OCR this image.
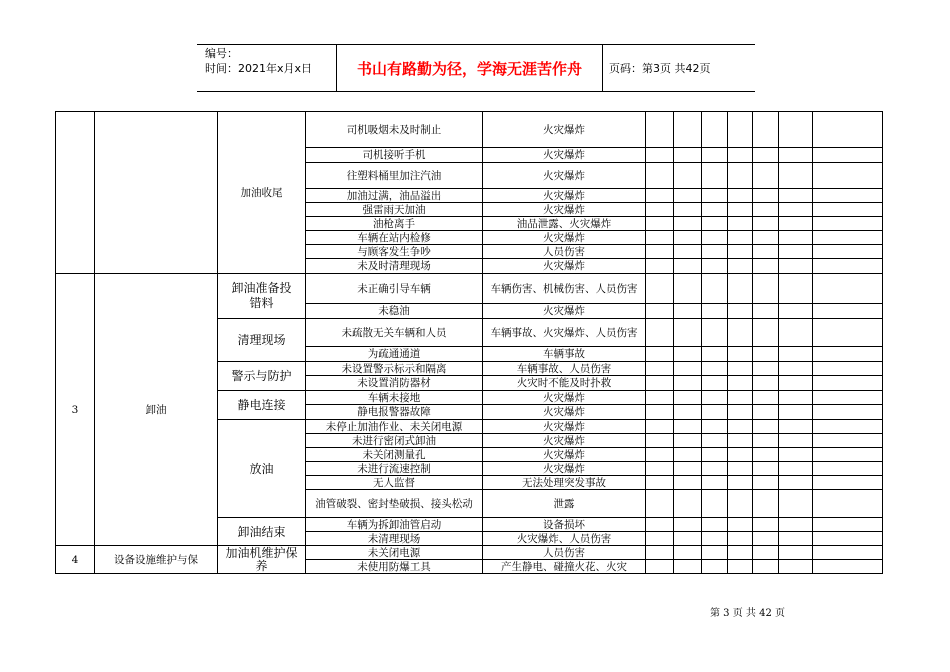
编号：
时间：2021年x月x日	书山有路勤为径，学海无涯苦作舟	页码：第3页 共42页
		加油收尾	司机吸烟未及时制止	火灾爆炸							
			司机接听手机	火灾爆炸							
			往塑料桶里加注汽油	火灾爆炸							
			加油过满，油品溢出	火灾爆炸							
			强雷雨天加油	火灾爆炸							
			油枪离手	油品泄露、火灾爆炸							
			车辆在站内检修	火灾爆炸							
			与顾客发生争吵	人员伤害							
			未及时清理现场	火灾爆炸							
3	卸油	卸油准备投错料	未正确引导车辆	车辆伤害、机械伤害、人员伤害							
			未稳油	火灾爆炸							
		清理现场	未疏散无关车辆和人员	车辆事故、火灾爆炸、人员伤害							
			为疏通通道	车辆事故							
		警示与防护	未设置警示标示和隔离	车辆事故、人员伤害							
			未设置消防器材	火灾时不能及时扑救							
		静电连接	车辆未接地	火灾爆炸							
			静电报警器故障	火灾爆炸							
		放油	未停止加油作业、未关闭电源	火灾爆炸							
			未进行密闭式卸油	火灾爆炸							
			未关闭测量孔	火灾爆炸							
			未进行流速控制	火灾爆炸							
			无人监督	无法处理突发事故							
			油管破裂、密封垫破损、接头松动	泄露							
		卸油结束	车辆为拆卸油管启动	设备损坏							
			未清理现场	火灾爆炸、人员伤害							
4	设备设施维护与保	加油机维护保养	未关闭电源	人员伤害							
			未使用防爆工具	产生静电、碰撞火花、火灾							
第 3 页 共 42 页
